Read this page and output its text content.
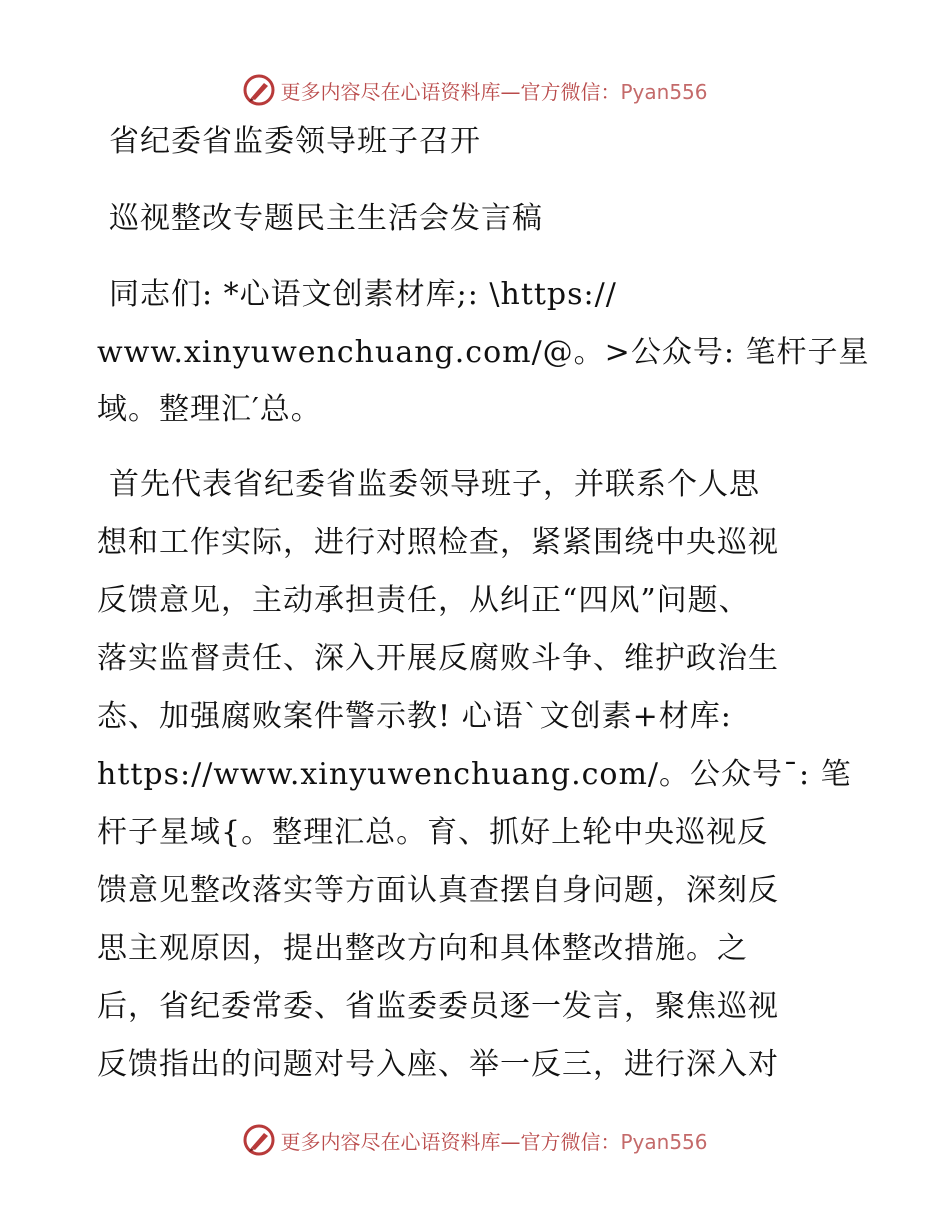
更多内容尽在心语资料库—官方微信：Pyan556
省纪委省监委领导班子召开
巡视整改专题民主生活会发言稿
同志们: *心语文创素材库;: \https://
www.xinyuwenchuang.com/@。>公众号: 笔杆子星
域。整理汇′总。
首先代表省纪委省监委领导班子，并联系个人思
想和工作实际，进行对照检查，紧紧围绕中央巡视
反馈意见，主动承担责任，从纠正“四风”问题、
落实监督责任、深入开展反腐败斗争、维护政治生
态、加强腐败案件警示教! 心语`文创素+材库:
https://www.xinyuwenchuang.com/。公众号¯: 笔
杆子星域{。整理汇总。育、抓好上轮中央巡视反
馈意见整改落实等方面认真查摆自身问题，深刻反
思主观原因，提出整改方向和具体整改措施。之
后，省纪委常委、省监委委员逐一发言，聚焦巡视
反馈指出的问题对号入座、举一反三，进行深入对
更多内容尽在心语资料库—官方微信：Pyan556
